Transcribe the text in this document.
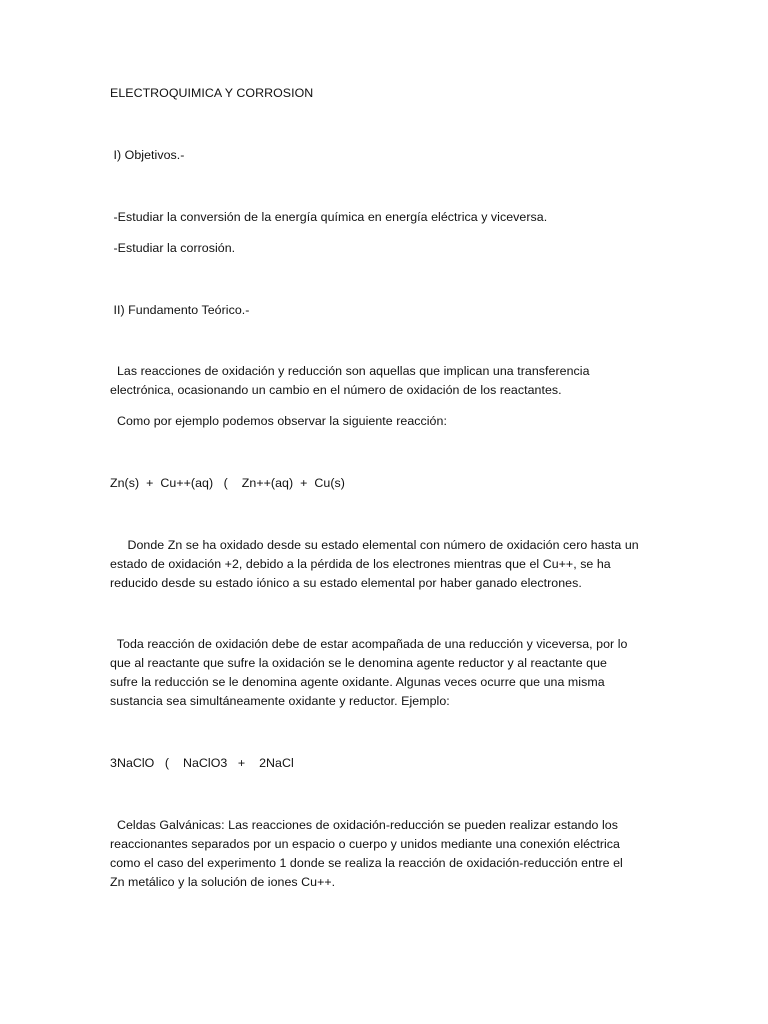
ELECTROQUIMICA Y CORROSION

I) Objetivos.-

-Estudiar la conversión de la energía química en energía eléctrica y viceversa.

-Estudiar la corrosión.

II) Fundamento Teórico.-

Las reacciones de oxidación y reducción son aquellas que implican una transferencia

electrónica, ocasionando un cambio en el número de oxidación de los reactantes.

Como por ejemplo podemos observar la siguiente reacción:

Zn(s)  +  Cu++(aq)   (    Zn++(aq)  +  Cu(s)

Donde Zn se ha oxidado desde su estado elemental con número de oxidación cero hasta un

estado de oxidación +2, debido a la pérdida de los electrones mientras que el Cu++, se ha

reducido desde su estado iónico a su estado elemental por haber ganado electrones.

Toda reacción de oxidación debe de estar acompañada de una reducción y viceversa, por lo

que al reactante que sufre la oxidación se le denomina agente reductor y al reactante que

sufre la reducción se le denomina agente oxidante. Algunas veces ocurre que una misma

sustancia sea simultáneamente oxidante y reductor. Ejemplo:

3NaClO   (    NaClO3   +    2NaCl

Celdas Galvánicas: Las reacciones de oxidación-reducción se pueden realizar estando los

reaccionantes separados por un espacio o cuerpo y unidos mediante una conexión eléctrica

como el caso del experimento 1 donde se realiza la reacción de oxidación-reducción entre el

Zn metálico y la solución de iones Cu++.
